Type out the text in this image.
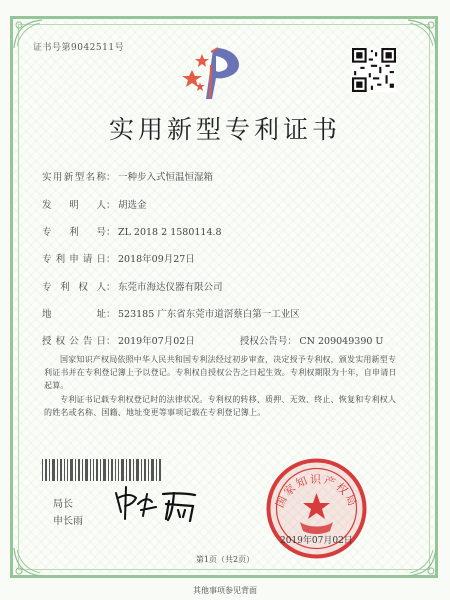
证书号第9042511号
实用新型专利证书
实用新型名称： 一种步入式恒温恒湿箱
发明人： 胡选金
专利号： ZL 2018 2 1580114.8
专利申请日： 2018年09月27日
专利权人： 东莞市海达仪器有限公司
地址： 523185 广东省东莞市道滘蔡白第一工业区
授权公告日： 2019年07月02日	授权公告号： CN 209049390 U

国家知识产权局依照中华人民共和国专利法经过初步审查，决定授予专利权，颁发实用新型专利证书并在专利登记簿上予以登记。专利权自授权公告之日起生效。专利权期限为十年，自申请日起算。

专利证书记载专利权登记时的法律状况。专利权的转移、质押、无效、终止、恢复和专利权人的姓名或名称、国籍、地址变更等事项记载在专利登记簿上。

局长
申长雨
国家知识产权局
2019年07月02日
第1页（共2页）
其他事项参见背面
